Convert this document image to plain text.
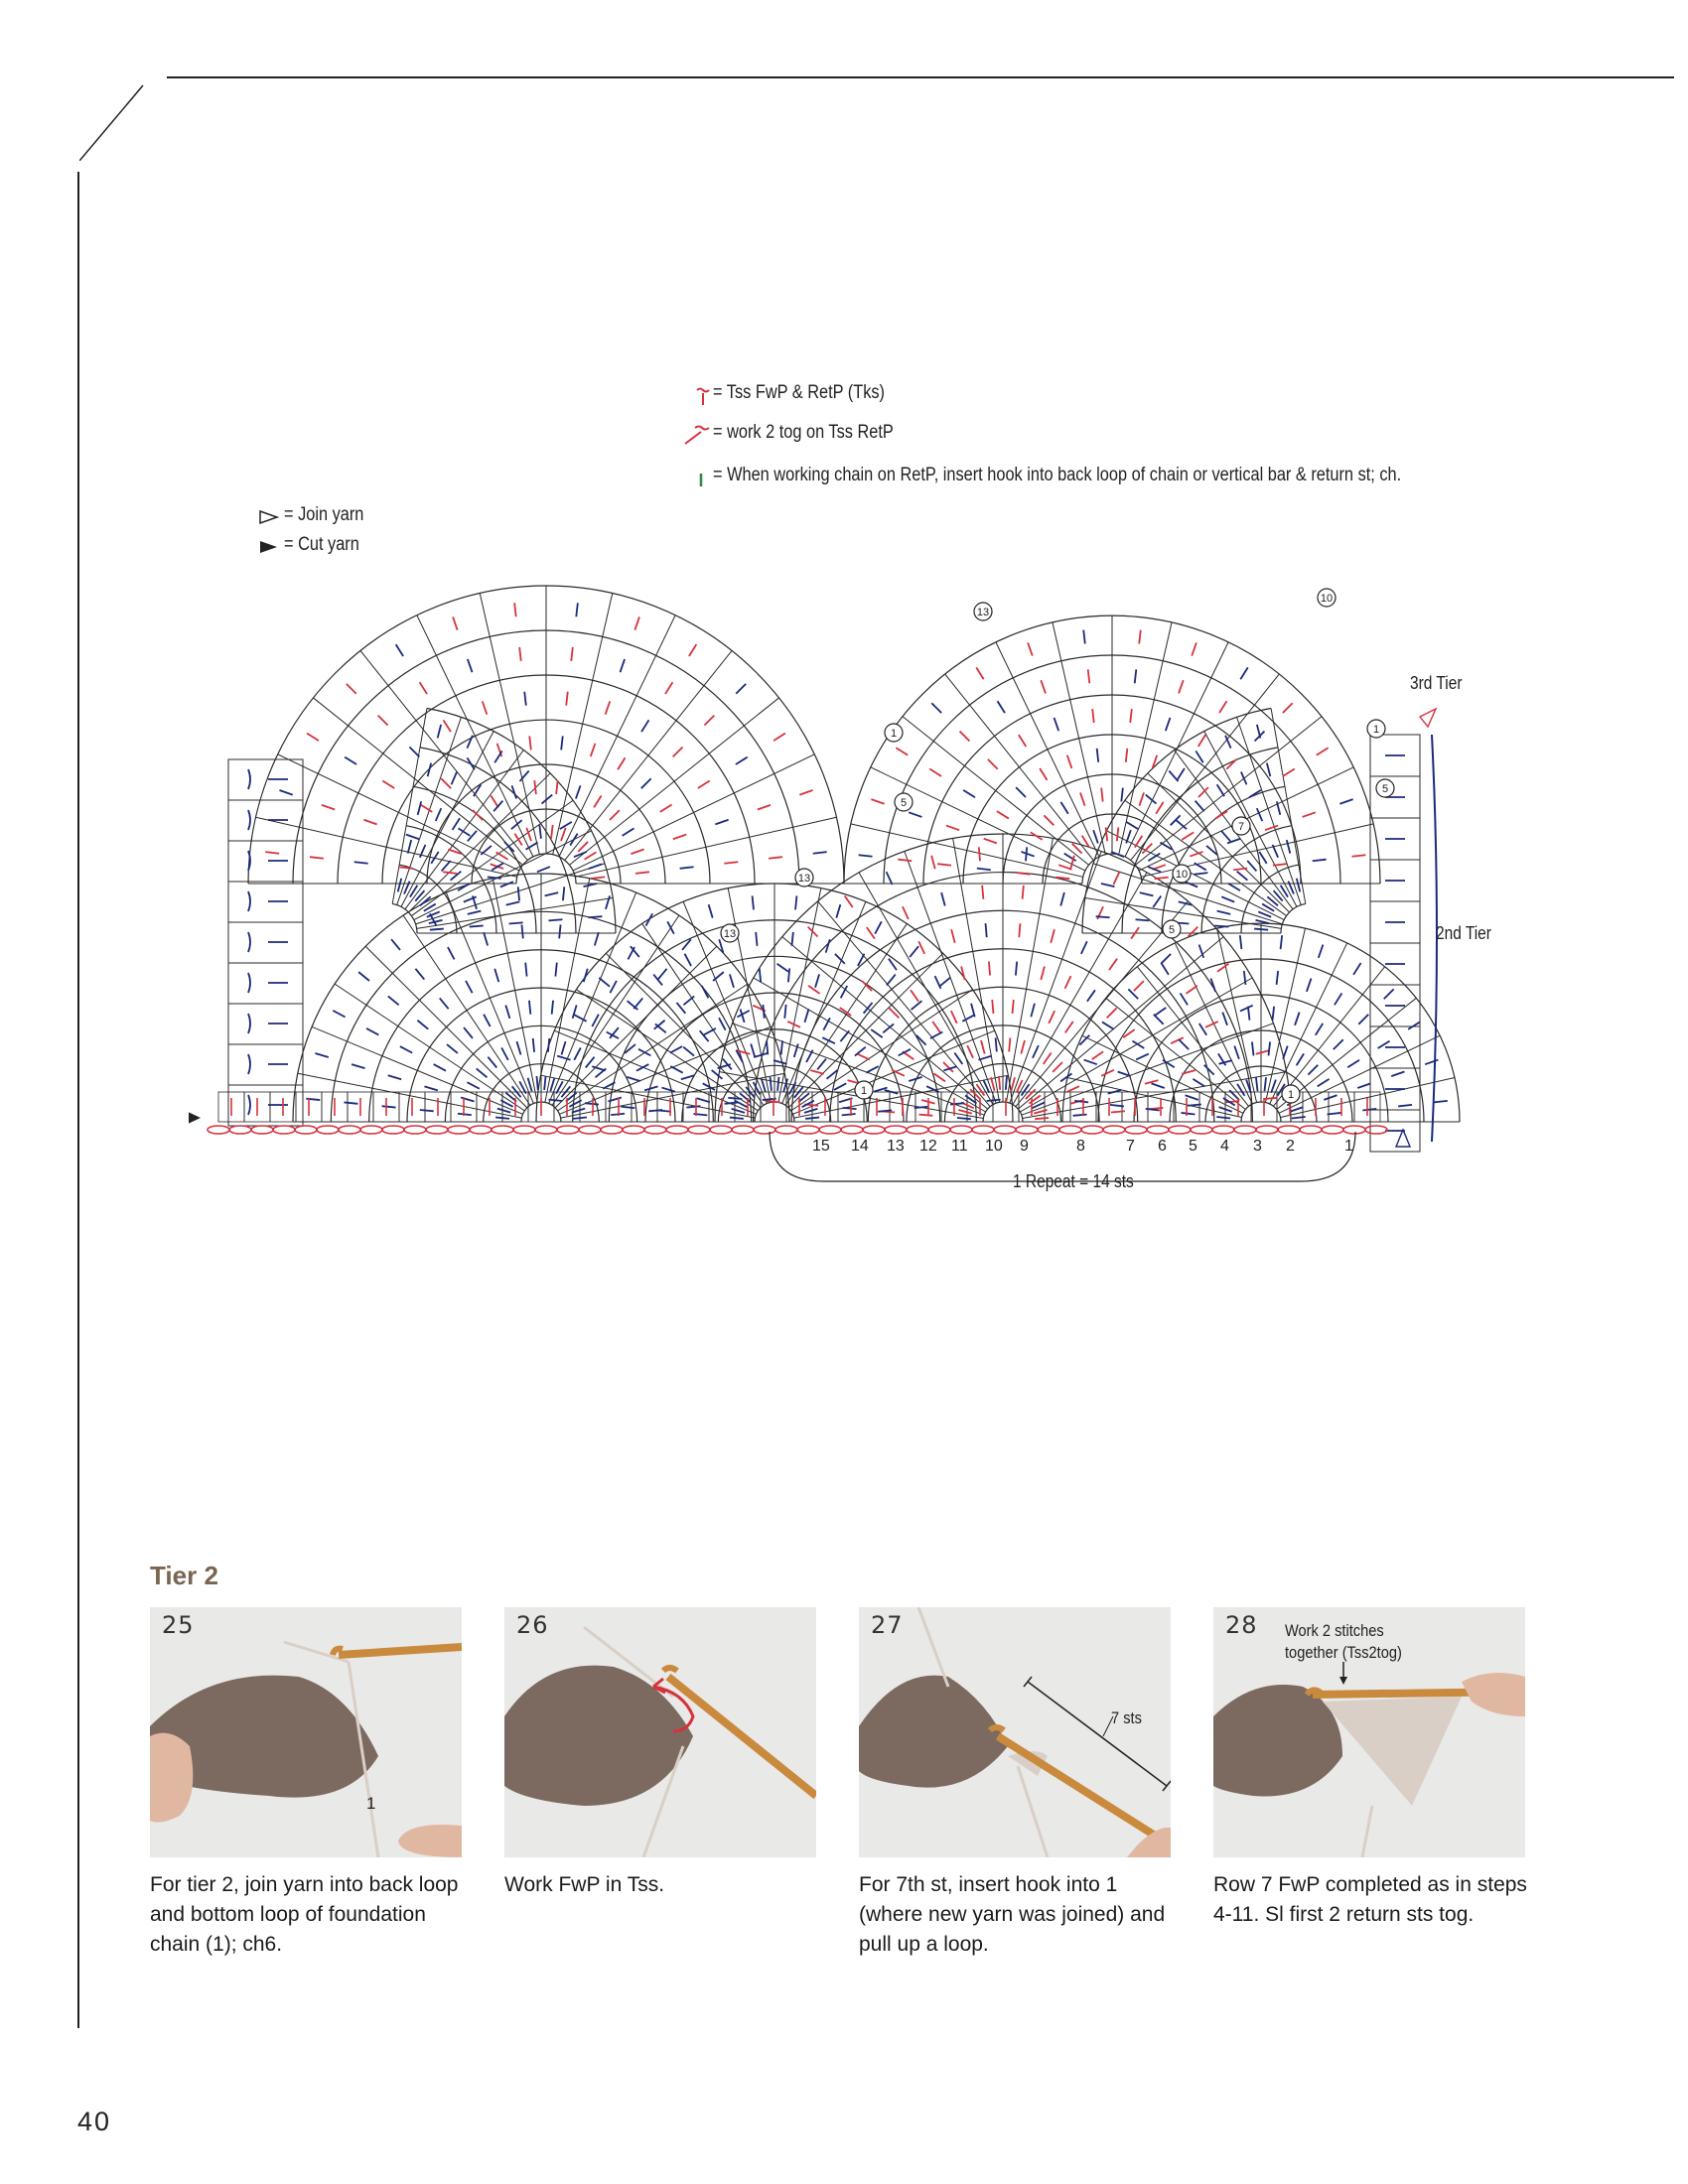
= Tss FwP & RetP (Tks)
= work 2 tog on Tss RetP
= When working chain on RetP, insert hook into back loop of chain or vertical bar & return st; ch.
= Join yarn
= Cut yarn
1
5
10
13
1
5
7
10
13
5
13
1
1
3rd Tier
2nd Tier
1 Repeat = 14 sts
15 14 13 12 11 10 9	8	7 6 5 4 3 2	1
Tier 2
25
1
For tier 2, join yarn into back loop and bottom loop of foundation chain (1); ch6.
26
Work FwP in Tss.
27
7 sts
For 7th st, insert hook into 1 (where new yarn was joined) and pull up a loop.
28 Work 2 stitches
together (Tss2tog)
Row 7 FwP completed as in steps 4-11. Sl first 2 return sts tog.
40
